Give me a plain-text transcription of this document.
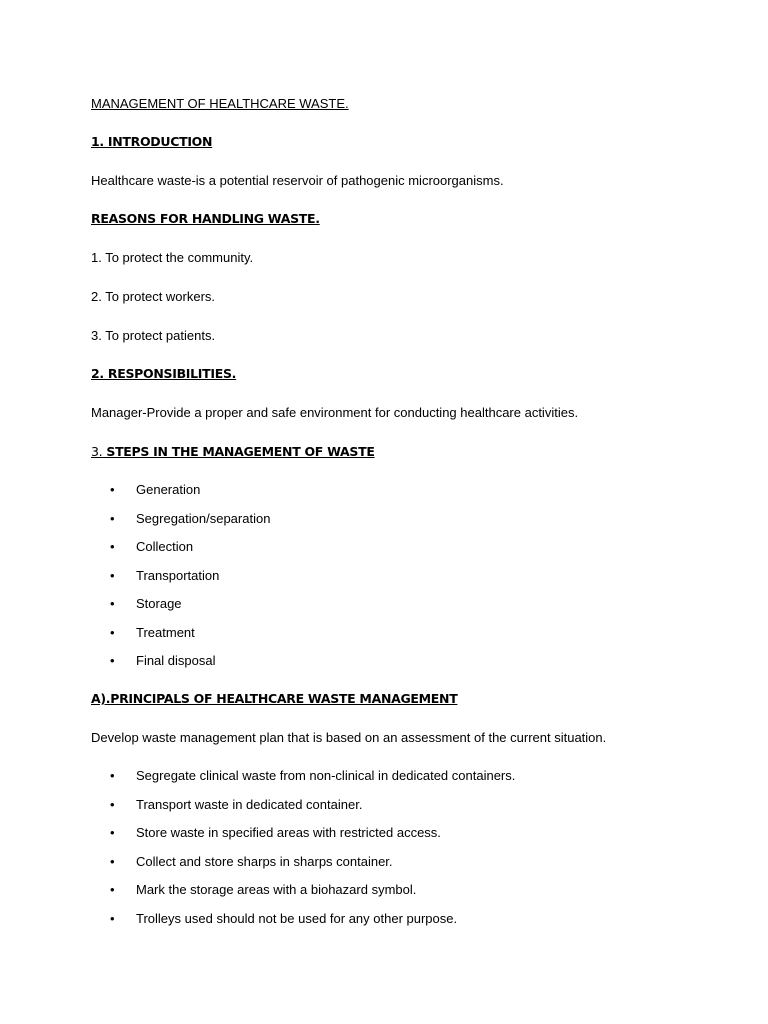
MANAGEMENT OF HEALTHCARE WASTE.
1. INTRODUCTION
Healthcare waste-is a potential reservoir of pathogenic microorganisms.
REASONS FOR HANDLING WASTE.
1. To protect the community.
2. To protect workers.
3. To protect patients.
2. RESPONSIBILITIES.
Manager-Provide a proper and safe environment for conducting healthcare activities.
3. STEPS IN THE MANAGEMENT OF WASTE
•	Generation
•	Segregation/separation
•	Collection
•	Transportation
•	Storage
•	Treatment
•	Final disposal
A).PRINCIPALS OF HEALTHCARE WASTE MANAGEMENT
Develop waste management plan that is based on an assessment of the current situation.
•	Segregate clinical waste from non-clinical in dedicated containers.
•	Transport waste in dedicated container.
•	Store waste in specified areas with restricted access.
•	Collect and store sharps in sharps container.
•	Mark the storage areas with a biohazard symbol.
•	Trolleys used should not be used for any other purpose.
